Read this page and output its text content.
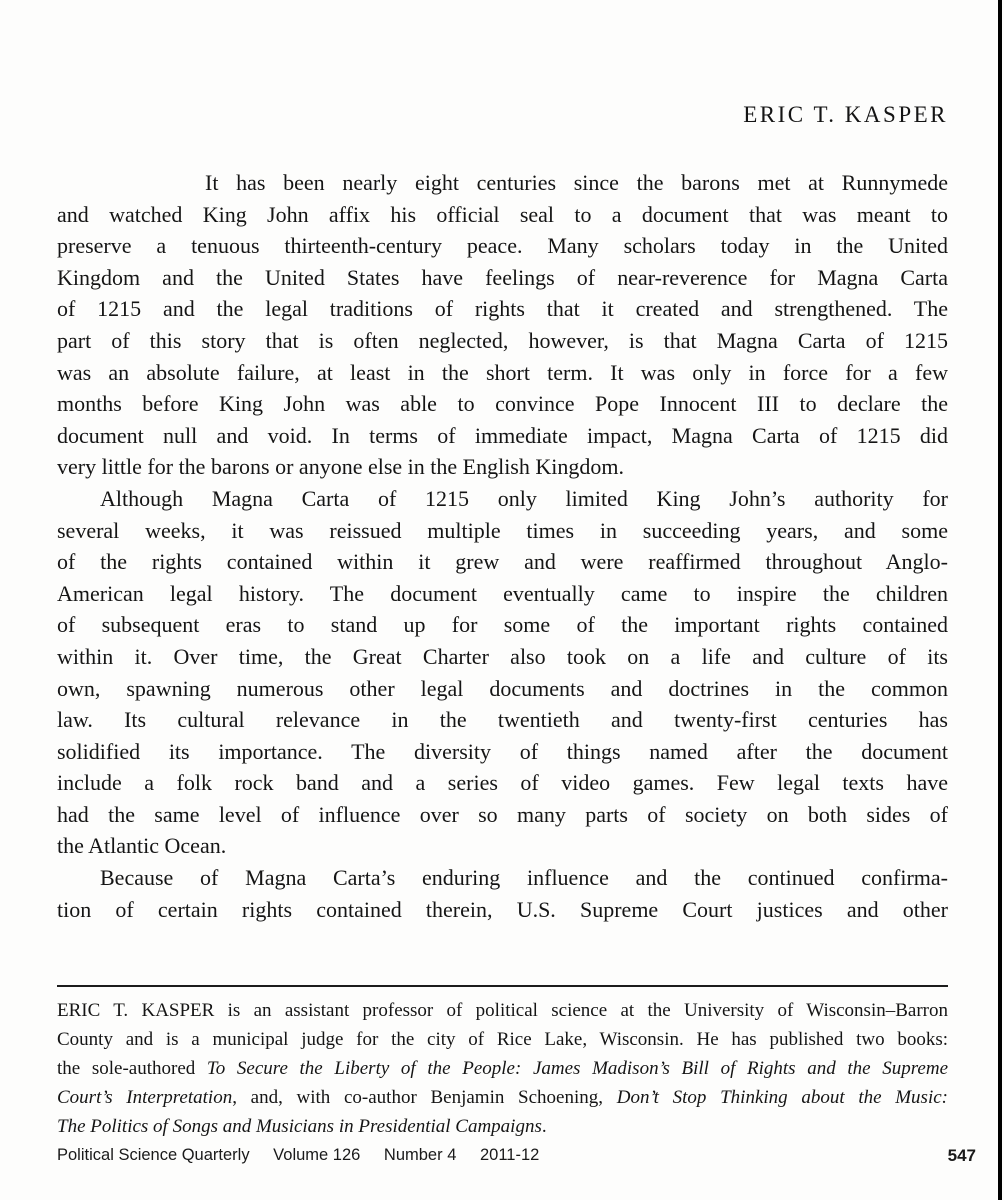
ERIC T. KASPER
It has been nearly eight centuries since the barons met at Runnymede
and watched King John affix his official seal to a document that was meant to
preserve a tenuous thirteenth-century peace. Many scholars today in the United
Kingdom and the United States have feelings of near-reverence for Magna Carta
of 1215 and the legal traditions of rights that it created and strengthened. The
part of this story that is often neglected, however, is that Magna Carta of 1215
was an absolute failure, at least in the short term. It was only in force for a few
months before King John was able to convince Pope Innocent III to declare the
document null and void. In terms of immediate impact, Magna Carta of 1215 did
very little for the barons or anyone else in the English Kingdom.
Although Magna Carta of 1215 only limited King John’s authority for
several weeks, it was reissued multiple times in succeeding years, and some
of the rights contained within it grew and were reaffirmed throughout Anglo-
American legal history. The document eventually came to inspire the children
of subsequent eras to stand up for some of the important rights contained
within it. Over time, the Great Charter also took on a life and culture of its
own, spawning numerous other legal documents and doctrines in the common
law. Its cultural relevance in the twentieth and twenty-first centuries has
solidified its importance. The diversity of things named after the document
include a folk rock band and a series of video games. Few legal texts have
had the same level of influence over so many parts of society on both sides of
the Atlantic Ocean.
Because of Magna Carta’s enduring influence and the continued confirma-
tion of certain rights contained therein, U.S. Supreme Court justices and other
ERIC T. KASPER is an assistant professor of political science at the University of Wisconsin–Barron
County and is a municipal judge for the city of Rice Lake, Wisconsin. He has published two books:
the sole-authored To Secure the Liberty of the People: James Madison’s Bill of Rights and the Supreme
Court’s Interpretation, and, with co-author Benjamin Schoening, Don’t Stop Thinking about the Music:
The Politics of Songs and Musicians in Presidential Campaigns.
547
Political Science Quarterly Volume 126 Number 4 2011-12
